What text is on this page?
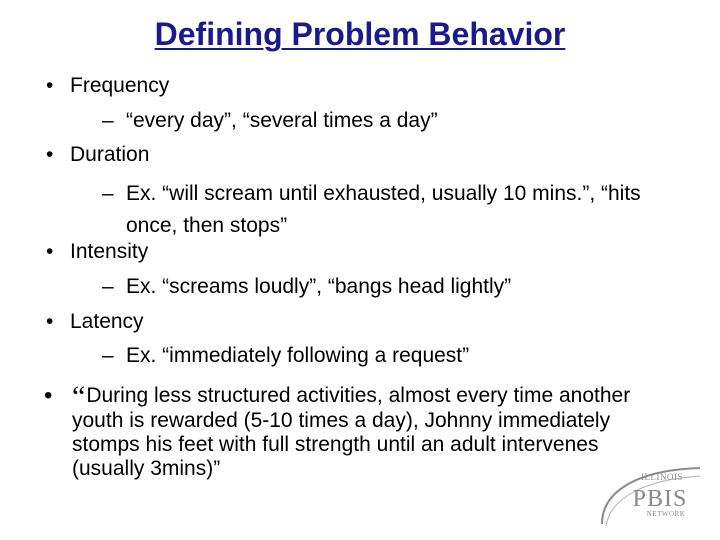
Defining Problem Behavior
• Frequency
– “every day”, “several times a day”
• Duration
– Ex. “will scream until exhausted, usually 10 mins.”, “hits once, then stops”
• Intensity
– Ex. “screams loudly”, “bangs head lightly”
• Latency
– Ex. “immediately following a request”
• “During less structured activities, almost every time another youth is rewarded (5-10 times a day), Johnny immediately stomps his feet with full strength until an adult intervenes (usually 3mins)”	ILLINOIS
PBIS
NETWORK
